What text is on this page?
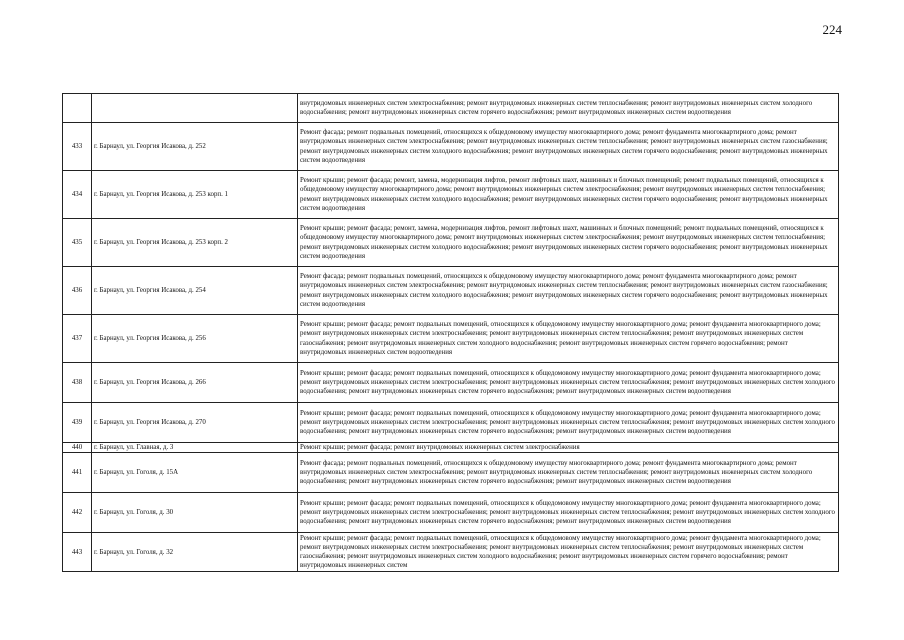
224
		внутридомовых инженерных систем электроснабжения; ремонт внутридомовых инженерных систем теплоснабжения; ремонт внутридомовых инженерных систем холодного водоснабжения; ремонт внутридомовых инженерных систем горячего водоснабжения; ремонт внутридомовых инженерных систем водоотведения
433	г. Барнаул, ул. Георгия Исакова, д. 252	Ремонт фасада; ремонт подвальных помещений, относящихся к общедомовому имуществу многоквартирного дома; ремонт фундамента многоквартирного дома; ремонт внутридомовых инженерных систем электроснабжения; ремонт внутридомовых инженерных систем теплоснабжения; ремонт внутридомовых инженерных систем газоснабжения; ремонт внутридомовых инженерных систем холодного водоснабжения; ремонт внутридомовых инженерных систем горячего водоснабжения; ремонт внутридомовых инженерных систем водоотведения
434	г. Барнаул, ул. Георгия Исакова, д. 253 корп. 1	Ремонт крыши; ремонт фасада; ремонт, замена, модернизация лифтов, ремонт лифтовых шахт, машинных и блочных помещений; ремонт подвальных помещений, относящихся к общедомовому имуществу многоквартирного дома; ремонт внутридомовых инженерных систем электроснабжения; ремонт внутридомовых инженерных систем теплоснабжения; ремонт внутридомовых инженерных систем холодного водоснабжения; ремонт внутридомовых инженерных систем горячего водоснабжения; ремонт внутридомовых инженерных систем водоотведения
435	г. Барнаул, ул. Георгия Исакова, д. 253 корп. 2	Ремонт крыши; ремонт фасада; ремонт, замена, модернизация лифтов, ремонт лифтовых шахт, машинных и блочных помещений; ремонт подвальных помещений, относящихся к общедомовому имуществу многоквартирного дома; ремонт внутридомовых инженерных систем электроснабжения; ремонт внутридомовых инженерных систем теплоснабжения; ремонт внутридомовых инженерных систем холодного водоснабжения; ремонт внутридомовых инженерных систем горячего водоснабжения; ремонт внутридомовых инженерных систем водоотведения
436	г. Барнаул, ул. Георгия Исакова, д. 254	Ремонт фасада; ремонт подвальных помещений, относящихся к общедомовому имуществу многоквартирного дома; ремонт фундамента многоквартирного дома; ремонт внутридомовых инженерных систем электроснабжения; ремонт внутридомовых инженерных систем теплоснабжения; ремонт внутридомовых инженерных систем газоснабжения; ремонт внутридомовых инженерных систем холодного водоснабжения; ремонт внутридомовых инженерных систем горячего водоснабжения; ремонт внутридомовых инженерных систем водоотведения
437	г. Барнаул, ул. Георгия Исакова, д. 256	Ремонт крыши; ремонт фасада; ремонт подвальных помещений, относящихся к общедомовому имуществу многоквартирного дома; ремонт фундамента многоквартирного дома; ремонт внутридомовых инженерных систем электроснабжения; ремонт внутридомовых инженерных систем теплоснабжения; ремонт внутридомовых инженерных систем газоснабжения; ремонт внутридомовых инженерных систем холодного водоснабжения; ремонт внутридомовых инженерных систем горячего водоснабжения; ремонт внутридомовых инженерных систем водоотведения
438	г. Барнаул, ул. Георгия Исакова, д. 266	Ремонт крыши; ремонт фасада; ремонт подвальных помещений, относящихся к общедомовому имуществу многоквартирного дома; ремонт фундамента многоквартирного дома; ремонт внутридомовых инженерных систем электроснабжения; ремонт внутридомовых инженерных систем теплоснабжения; ремонт внутридомовых инженерных систем холодного водоснабжения; ремонт внутридомовых инженерных систем горячего водоснабжения; ремонт внутридомовых инженерных систем водоотведения
439	г. Барнаул, ул. Георгия Исакова, д. 270	Ремонт крыши; ремонт фасада; ремонт подвальных помещений, относящихся к общедомовому имуществу многоквартирного дома; ремонт фундамента многоквартирного дома; ремонт внутридомовых инженерных систем электроснабжения; ремонт внутридомовых инженерных систем теплоснабжения; ремонт внутридомовых инженерных систем холодного водоснабжения; ремонт внутридомовых инженерных систем горячего водоснабжения; ремонт внутридомовых инженерных систем водоотведения
440	г. Барнаул, ул. Главная, д. 3	Ремонт крыши; ремонт фасада; ремонт внутридомовых инженерных систем электроснабжения
441	г. Барнаул, ул. Гоголя, д. 15А	Ремонт фасада; ремонт подвальных помещений, относящихся к общедомовому имуществу многоквартирного дома; ремонт фундамента многоквартирного дома; ремонт внутридомовых инженерных систем электроснабжения; ремонт внутридомовых инженерных систем теплоснабжения; ремонт внутридомовых инженерных систем холодного водоснабжения; ремонт внутридомовых инженерных систем горячего водоснабжения; ремонт внутридомовых инженерных систем водоотведения
442	г. Барнаул, ул. Гоголя, д. 30	Ремонт крыши; ремонт фасада; ремонт подвальных помещений, относящихся к общедомовому имуществу многоквартирного дома; ремонт фундамента многоквартирного дома; ремонт внутридомовых инженерных систем электроснабжения; ремонт внутридомовых инженерных систем теплоснабжения; ремонт внутридомовых инженерных систем холодного водоснабжения; ремонт внутридомовых инженерных систем горячего водоснабжения; ремонт внутридомовых инженерных систем водоотведения
443	г. Барнаул, ул. Гоголя, д. 32	Ремонт крыши; ремонт фасада; ремонт подвальных помещений, относящихся к общедомовому имуществу многоквартирного дома; ремонт фундамента многоквартирного дома; ремонт внутридомовых инженерных систем электроснабжения; ремонт внутридомовых инженерных систем теплоснабжения; ремонт внутридомовых инженерных систем газоснабжения; ремонт внутридомовых инженерных систем холодного водоснабжения; ремонт внутридомовых инженерных систем горячего водоснабжения; ремонт внутридомовых инженерных систем
